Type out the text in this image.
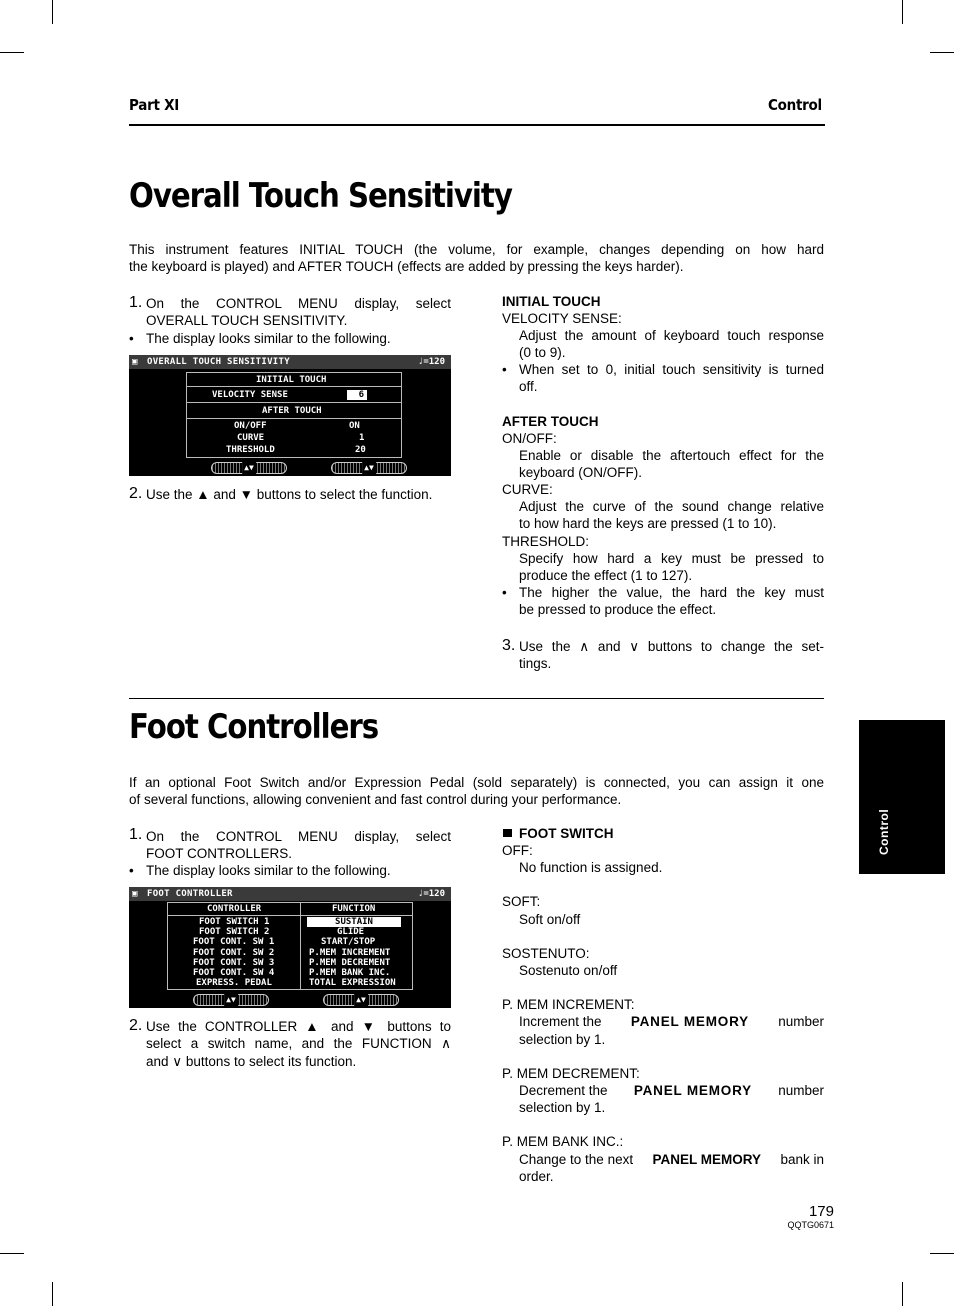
Part XI	Control
Overall Touch Sensitivity
This instrument features INITIAL TOUCH (the volume, for example, changes depending on how hard
the keyboard is played) and AFTER TOUCH (effects are added by pressing the keys harder).
1. On the CONTROL MENU display, select
OVERALL TOUCH SENSITIVITY.
• The display looks similar to the following.
▣ OVERALL TOUCH SENSITIVITY	♩=120
INITIAL TOUCH
VELOCITY SENSE	6
AFTER TOUCH
ON/OFF	ON
CURVE	1
THRESHOLD	20
▲▼	▲▼
2. Use the ▲ and ▼ buttons to select the function.
INITIAL TOUCH
VELOCITY SENSE:
Adjust the amount of keyboard touch response
(0 to 9).
• When set to 0, initial touch sensitivity is turned
off.
AFTER TOUCH
ON/OFF:
Enable or disable the aftertouch effect for the
keyboard (ON/OFF).
CURVE:
Adjust the curve of the sound change relative
to how hard the keys are pressed (1 to 10).
THRESHOLD:
Specify how hard a key must be pressed to
produce the effect (1 to 127).
• The higher the value, the hard the key must
be pressed to produce the effect.
3. Use the ∧ and ∨ buttons to change the set-
tings.
Foot Controllers
If an optional Foot Switch and/or Expression Pedal (sold separately) is connected, you can assign it one
of several functions, allowing convenient and fast control during your performance.
1. On the CONTROL MENU display, select
FOOT CONTROLLERS.
• The display looks similar to the following.
▣ FOOT CONTROLLER	♩=120
CONTROLLER	FUNCTION
FOOT SWITCH 1	SUSTAIN
FOOT SWITCH 2	GLIDE
FOOT CONT. SW 1	START/STOP
FOOT CONT. SW 2	P.MEM INCREMENT
FOOT CONT. SW 3	P.MEM DECREMENT
FOOT CONT. SW 4	P.MEM BANK INC.
EXPRESS. PEDAL	TOTAL EXPRESSION
▲▼	▲▼
2. Use the CONTROLLER ▲ and ▼ buttons to
select a switch name, and the FUNCTION ∧
and ∨ buttons to select its function.
FOOT SWITCH
OFF:
No function is assigned.
SOFT:
Soft on/off
SOSTENUTO:
Sostenuto on/off
P. MEM INCREMENT:
Increment the PANEL MEMORY number
selection by 1.
P. MEM DECREMENT:
Decrement the PANEL MEMORY number
selection by 1.
P. MEM BANK INC.:
Change to the next PANEL MEMORY bank in
order.
Control
179
QQTG0671
